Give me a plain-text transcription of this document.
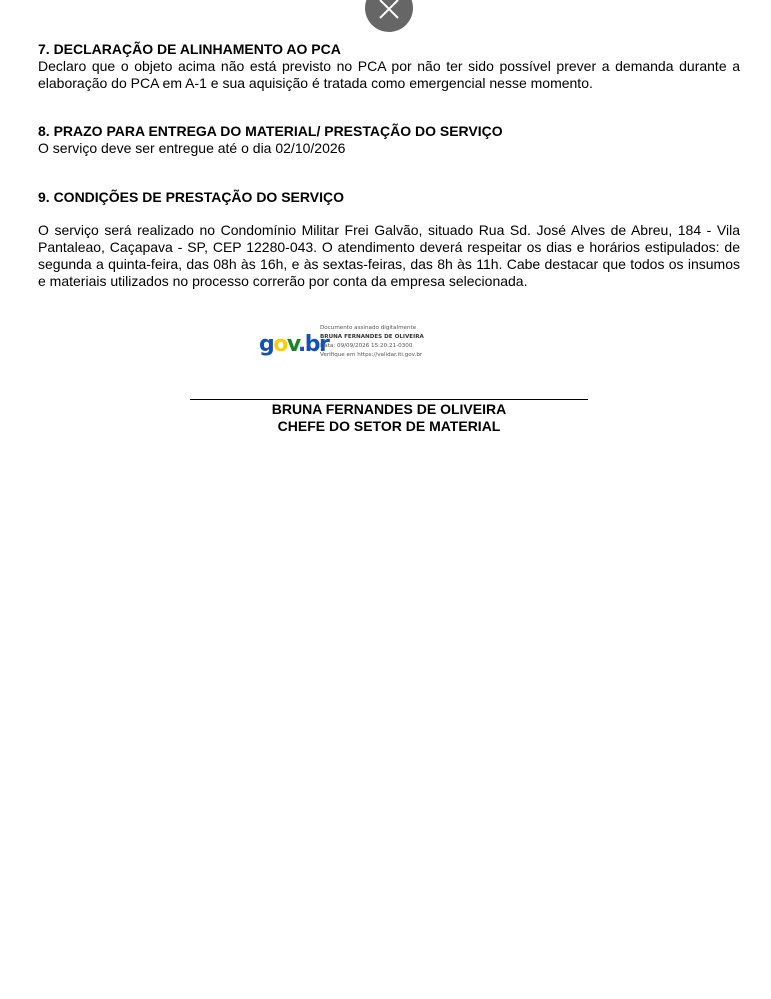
7. DECLARAÇÃO DE ALINHAMENTO AO PCA

Declaro que o objeto acima não está previsto no PCA por não ter sido possível prever a demanda durante a elaboração do PCA em A-1 e sua aquisição é tratada como emergencial nesse momento.

8. PRAZO PARA ENTREGA DO MATERIAL/ PRESTAÇÃO DO SERVIÇO

O serviço deve ser entregue até o dia 02/10/2026

9. CONDIÇÕES DE PRESTAÇÃO DO SERVIÇO

O serviço será realizado no Condomínio Militar Frei Galvão, situado Rua Sd. José Alves de Abreu, 184 - Vila Pantaleao, Caçapava - SP, CEP 12280-043. O atendimento deverá respeitar os dias e horários estipulados: de segunda a quinta-feira, das 08h às 16h, e às sextas-feiras, das 8h às 11h. Cabe destacar que todos os insumos e materiais utilizados no processo correrão por conta da empresa selecionada.

gov.br
Documento assinado digitalmente
BRUNA FERNANDES DE OLIVEIRA
Data: 09/09/2026 15:20:21-0300
Verifique em https://validar.iti.gov.br
BRUNA FERNANDES DE OLIVEIRA
CHEFE DO SETOR DE MATERIAL
